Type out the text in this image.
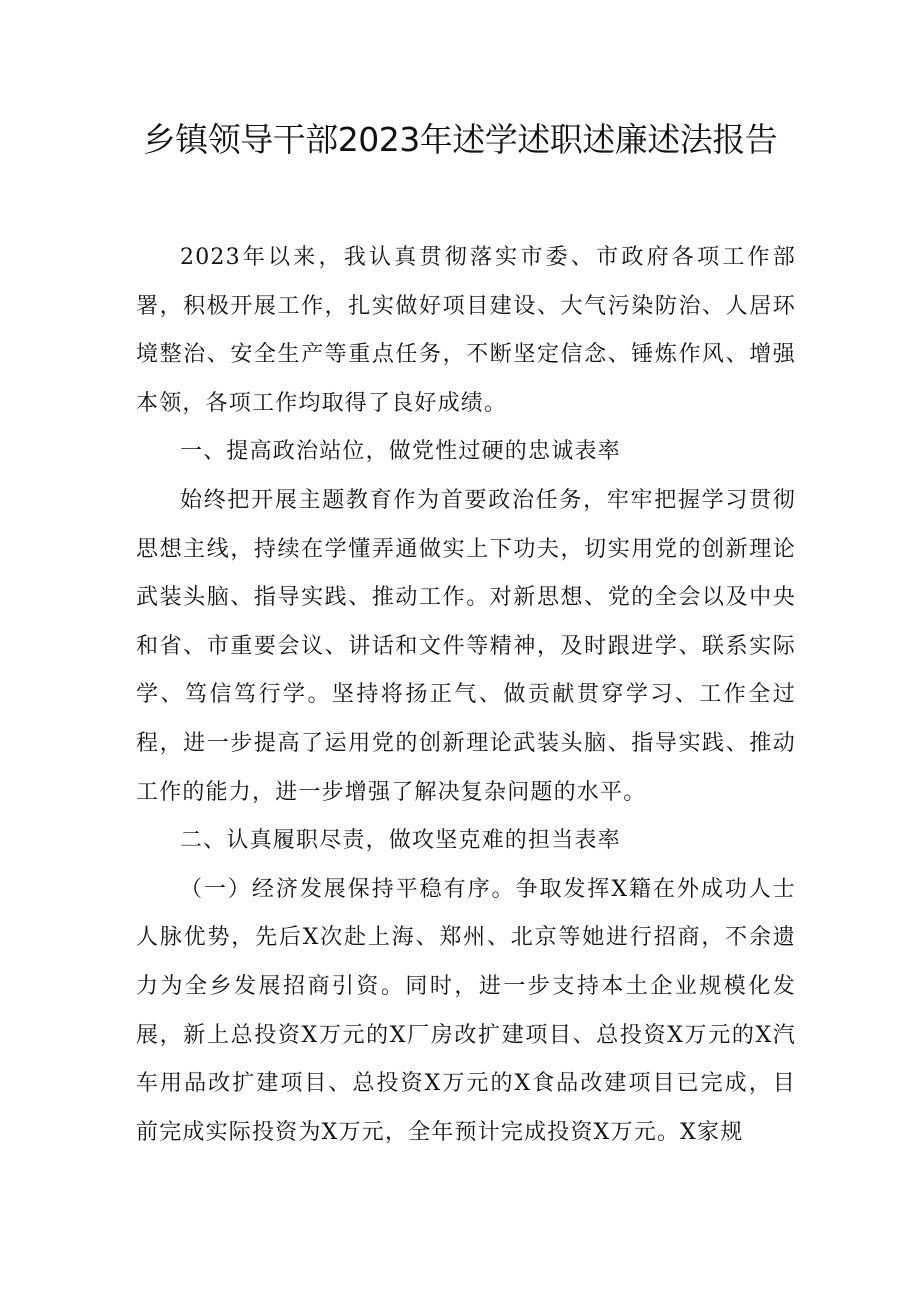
乡镇领导干部2023年述学述职述廉述法报告

2023年以来，我认真贯彻落实市委、市政府各项工作部署，积极开展工作，扎实做好项目建设、大气污染防治、人居环境整治、安全生产等重点任务，不断坚定信念、锤炼作风、增强本领，各项工作均取得了良好成绩。

一、提高政治站位，做党性过硬的忠诚表率

始终把开展主题教育作为首要政治任务，牢牢把握学习贯彻思想主线，持续在学懂弄通做实上下功夫，切实用党的创新理论武装头脑、指导实践、推动工作。对新思想、党的全会以及中央和省、市重要会议、讲话和文件等精神，及时跟进学、联系实际学、笃信笃行学。坚持将扬正气、做贡献贯穿学习、工作全过程，进一步提高了运用党的创新理论武装头脑、指导实践、推动工作的能力，进一步增强了解决复杂问题的水平。

二、认真履职尽责，做攻坚克难的担当表率

（一）经济发展保持平稳有序。争取发挥X籍在外成功人士人脉优势，先后X次赴上海、郑州、北京等她进行招商，不余遗力为全乡发展招商引资。同时，进一步支持本土企业规模化发展，新上总投资X万元的X厂房改扩建项目、总投资X万元的X汽车用品改扩建项目、总投资X万元的X食品改建项目已完成，目前完成实际投资为X万元，全年预计完成投资X万元。X家规
